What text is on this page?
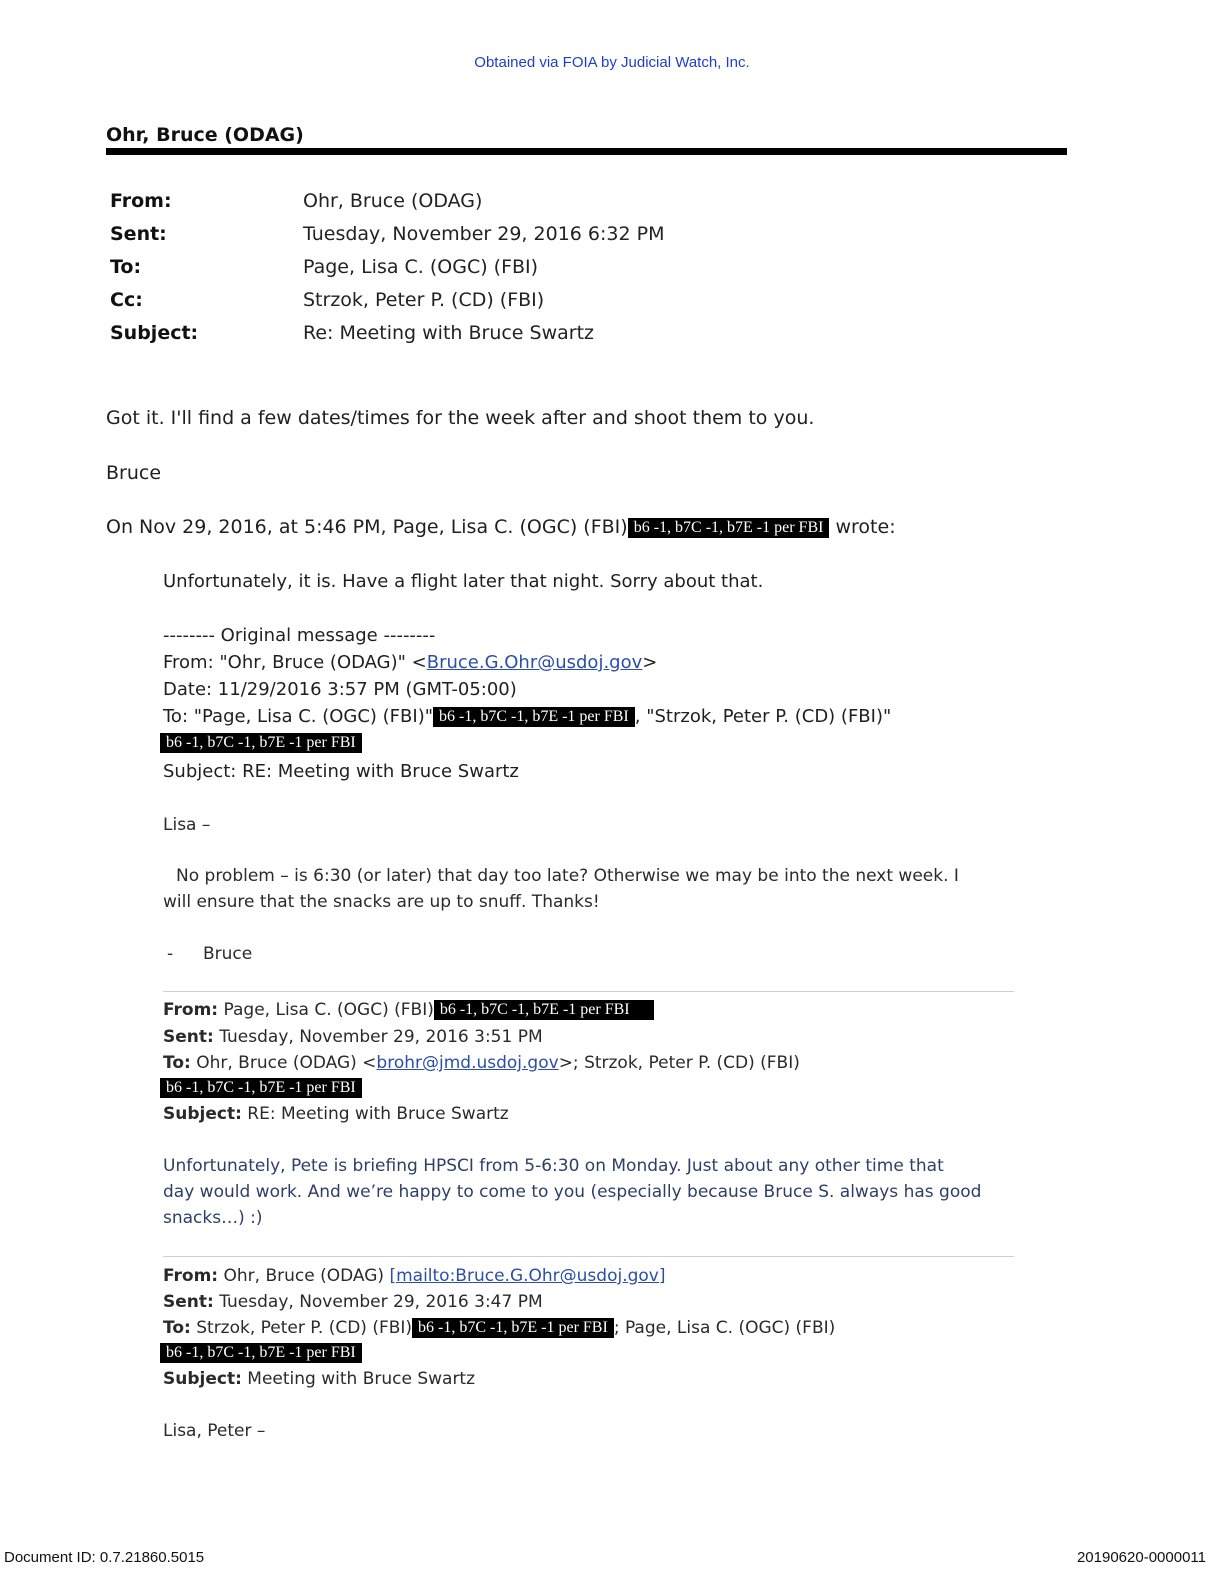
Obtained via FOIA by Judicial Watch, Inc.
Ohr, Bruce (ODAG)
From:	Ohr, Bruce (ODAG)
Sent:	Tuesday, November 29, 2016 6:32 PM
To:	Page, Lisa C. (OGC) (FBI)
Cc:	Strzok, Peter P. (CD) (FBI)
Subject:	Re: Meeting with Bruce Swartz
Got it. I'll find a few dates/times for the week after and shoot them to you.
Bruce
On Nov 29, 2016, at 5:46 PM, Page, Lisa C. (OGC) (FBI) b6 -1, b7C -1, b7E -1 per FBI wrote:
Unfortunately, it is. Have a flight later that night. Sorry about that.
-------- Original message --------
From: "Ohr, Bruce (ODAG)" <Bruce.G.Ohr@usdoj.gov>
Date: 11/29/2016 3:57 PM (GMT-05:00)
To: "Page, Lisa C. (OGC) (FBI)" b6 -1, b7C -1, b7E -1 per FBI , "Strzok, Peter P. (CD) (FBI)"
b6 -1, b7C -1, b7E -1 per FBI
Subject: RE: Meeting with Bruce Swartz
Lisa –
No problem – is 6:30 (or later) that day too late? Otherwise we may be into the next week. I
will ensure that the snacks are up to snuff. Thanks!
- Bruce
From: Page, Lisa C. (OGC) (FBI) b6 -1, b7C -1, b7E -1 per FBI
Sent: Tuesday, November 29, 2016 3:51 PM
To: Ohr, Bruce (ODAG) <brohr@jmd.usdoj.gov>; Strzok, Peter P. (CD) (FBI)
b6 -1, b7C -1, b7E -1 per FBI
Subject: RE: Meeting with Bruce Swartz
Unfortunately, Pete is briefing HPSCI from 5-6:30 on Monday. Just about any other time that
day would work. And we’re happy to come to you (especially because Bruce S. always has good
snacks…) :)
From: Ohr, Bruce (ODAG) [mailto:Bruce.G.Ohr@usdoj.gov]
Sent: Tuesday, November 29, 2016 3:47 PM
To: Strzok, Peter P. (CD) (FBI) b6 -1, b7C -1, b7E -1 per FBI ; Page, Lisa C. (OGC) (FBI)
b6 -1, b7C -1, b7E -1 per FBI
Subject: Meeting with Bruce Swartz
Lisa, Peter –
Document ID: 0.7.21860.5015	20190620-0000011
